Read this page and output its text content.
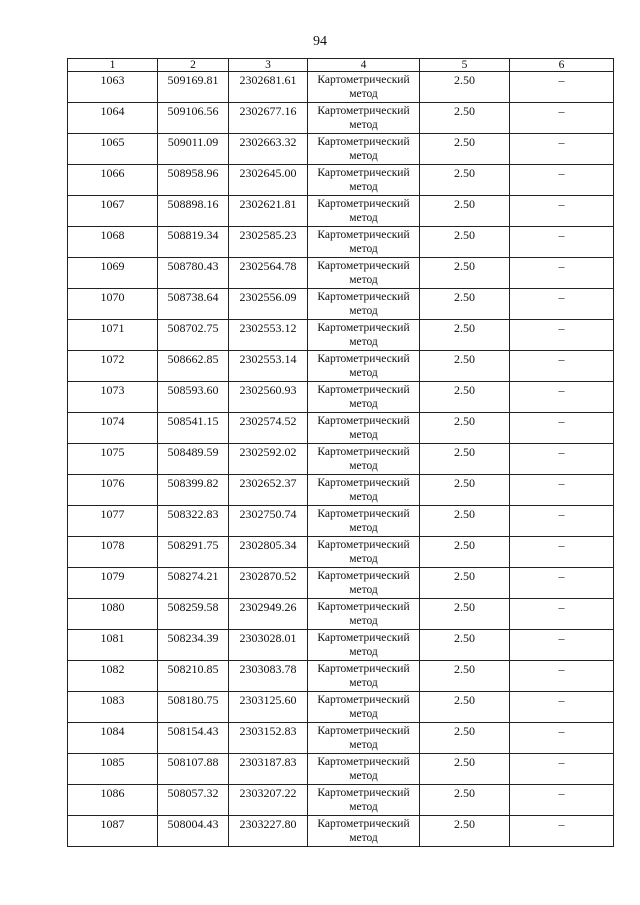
94
1	2	3	4	5	6
1063	509169.81	2302681.61	Картометрический
метод	2.50	–
1064	509106.56	2302677.16	Картометрический
метод	2.50	–
1065	509011.09	2302663.32	Картометрический
метод	2.50	–
1066	508958.96	2302645.00	Картометрический
метод	2.50	–
1067	508898.16	2302621.81	Картометрический
метод	2.50	–
1068	508819.34	2302585.23	Картометрический
метод	2.50	–
1069	508780.43	2302564.78	Картометрический
метод	2.50	–
1070	508738.64	2302556.09	Картометрический
метод	2.50	–
1071	508702.75	2302553.12	Картометрический
метод	2.50	–
1072	508662.85	2302553.14	Картометрический
метод	2.50	–
1073	508593.60	2302560.93	Картометрический
метод	2.50	–
1074	508541.15	2302574.52	Картометрический
метод	2.50	–
1075	508489.59	2302592.02	Картометрический
метод	2.50	–
1076	508399.82	2302652.37	Картометрический
метод	2.50	–
1077	508322.83	2302750.74	Картометрический
метод	2.50	–
1078	508291.75	2302805.34	Картометрический
метод	2.50	–
1079	508274.21	2302870.52	Картометрический
метод	2.50	–
1080	508259.58	2302949.26	Картометрический
метод	2.50	–
1081	508234.39	2303028.01	Картометрический
метод	2.50	–
1082	508210.85	2303083.78	Картометрический
метод	2.50	–
1083	508180.75	2303125.60	Картометрический
метод	2.50	–
1084	508154.43	2303152.83	Картометрический
метод	2.50	–
1085	508107.88	2303187.83	Картометрический
метод	2.50	–
1086	508057.32	2303207.22	Картометрический
метод	2.50	–
1087	508004.43	2303227.80	Картометрический
метод	2.50	–
